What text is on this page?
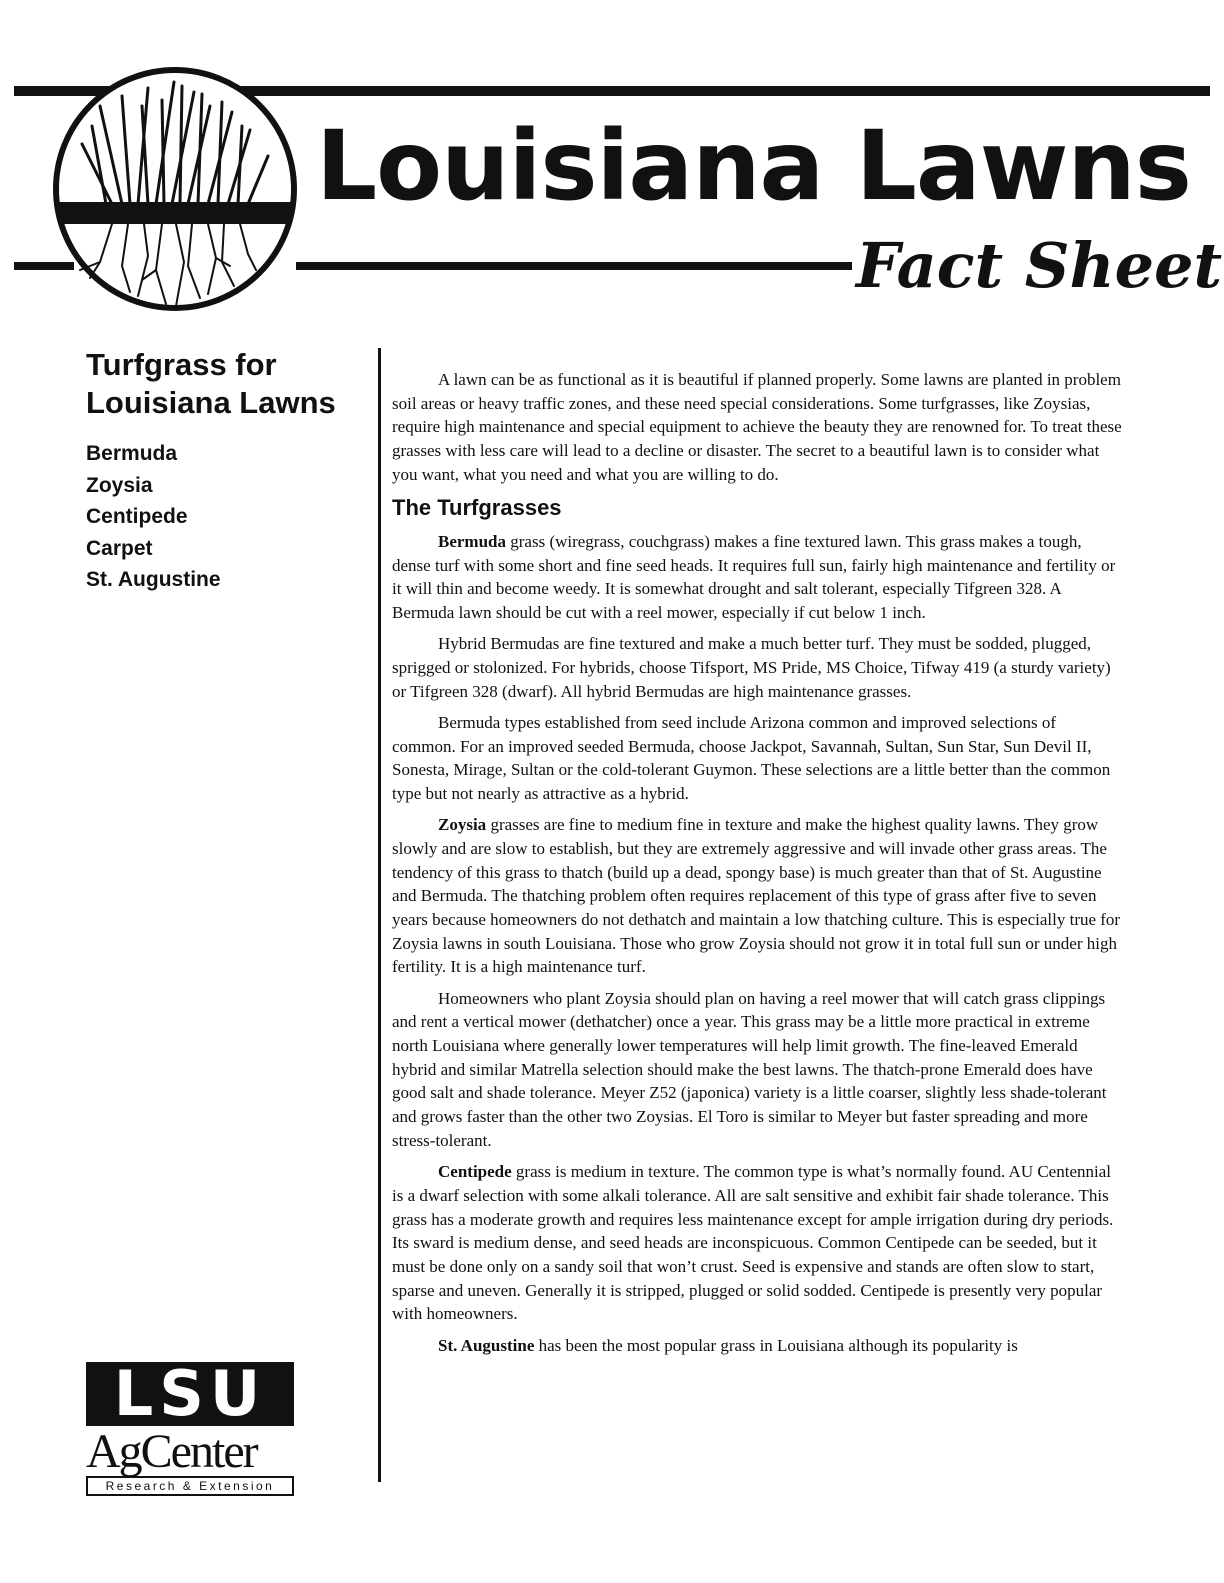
Louisiana Lawns
Fact Sheet
Turfgrass for
Louisiana Lawns
Bermuda
Zoysia
Centipede
Carpet
St. Augustine

A lawn can be as functional as it is beautiful if planned properly. Some lawns are planted in problem soil areas or heavy traffic zones, and these need special considerations. Some turfgrasses, like Zoysias, require high maintenance and special equipment to achieve the beauty they are renowned for. To treat these grasses with less care will lead to a decline or disaster. The secret to a beautiful lawn is to consider what you want, what you need and what you are willing to do.

The Turfgrasses

Bermuda grass (wiregrass, couchgrass) makes a fine textured lawn. This grass makes a tough, dense turf with some short and fine seed heads. It requires full sun, fairly high maintenance and fertility or it will thin and become weedy. It is somewhat drought and salt tolerant, especially Tifgreen 328. A Bermuda lawn should be cut with a reel mower, especially if cut below 1 inch.

Hybrid Bermudas are fine textured and make a much better turf. They must be sodded, plugged, sprigged or stolonized. For hybrids, choose Tifsport, MS Pride, MS Choice, Tifway 419 (a sturdy variety) or Tifgreen 328 (dwarf). All hybrid Bermudas are high maintenance grasses.

Bermuda types established from seed include Arizona common and improved selections of common. For an improved seeded Bermuda, choose Jackpot, Savannah, Sultan, Sun Star, Sun Devil II, Sonesta, Mirage, Sultan or the cold-tolerant Guymon. These selections are a little better than the common type but not nearly as attractive as a hybrid.

Zoysia grasses are fine to medium fine in texture and make the highest quality lawns. They grow slowly and are slow to establish, but they are extremely aggressive and will invade other grass areas. The tendency of this grass to thatch (build up a dead, spongy base) is much greater than that of St. Augustine and Bermuda. The thatching problem often requires replacement of this type of grass after five to seven years because homeowners do not dethatch and maintain a low thatching culture. This is especially true for Zoysia lawns in south Louisiana. Those who grow Zoysia should not grow it in total full sun or under high fertility. It is a high maintenance turf.

Homeowners who plant Zoysia should plan on having a reel mower that will catch grass clippings and rent a vertical mower (dethatcher) once a year. This grass may be a little more practical in extreme north Louisiana where generally lower temperatures will help limit growth. The fine-leaved Emerald hybrid and similar Matrella selection should make the best lawns. The thatch-prone Emerald does have good salt and shade tolerance. Meyer Z52 (japonica) variety is a little coarser, slightly less shade-tolerant and grows faster than the other two Zoysias. El Toro is similar to Meyer but faster spreading and more stress-tolerant.

Centipede grass is medium in texture. The common type is what’s normally found. AU Centennial is a dwarf selection with some alkali tolerance. All are salt sensitive and exhibit fair shade tolerance. This grass has a moderate growth and requires less maintenance except for ample irrigation during dry periods. Its sward is medium dense, and seed heads are inconspicuous. Common Centipede can be seeded, but it must be done only on a sandy soil that won’t crust. Seed is expensive and stands are often slow to start, sparse and uneven. Generally it is stripped, plugged or solid sodded. Centipede is presently very popular with homeowners.

St. Augustine has been the most popular grass in Louisiana although its popularity is

LSU
AgCenter
Research & Extension
